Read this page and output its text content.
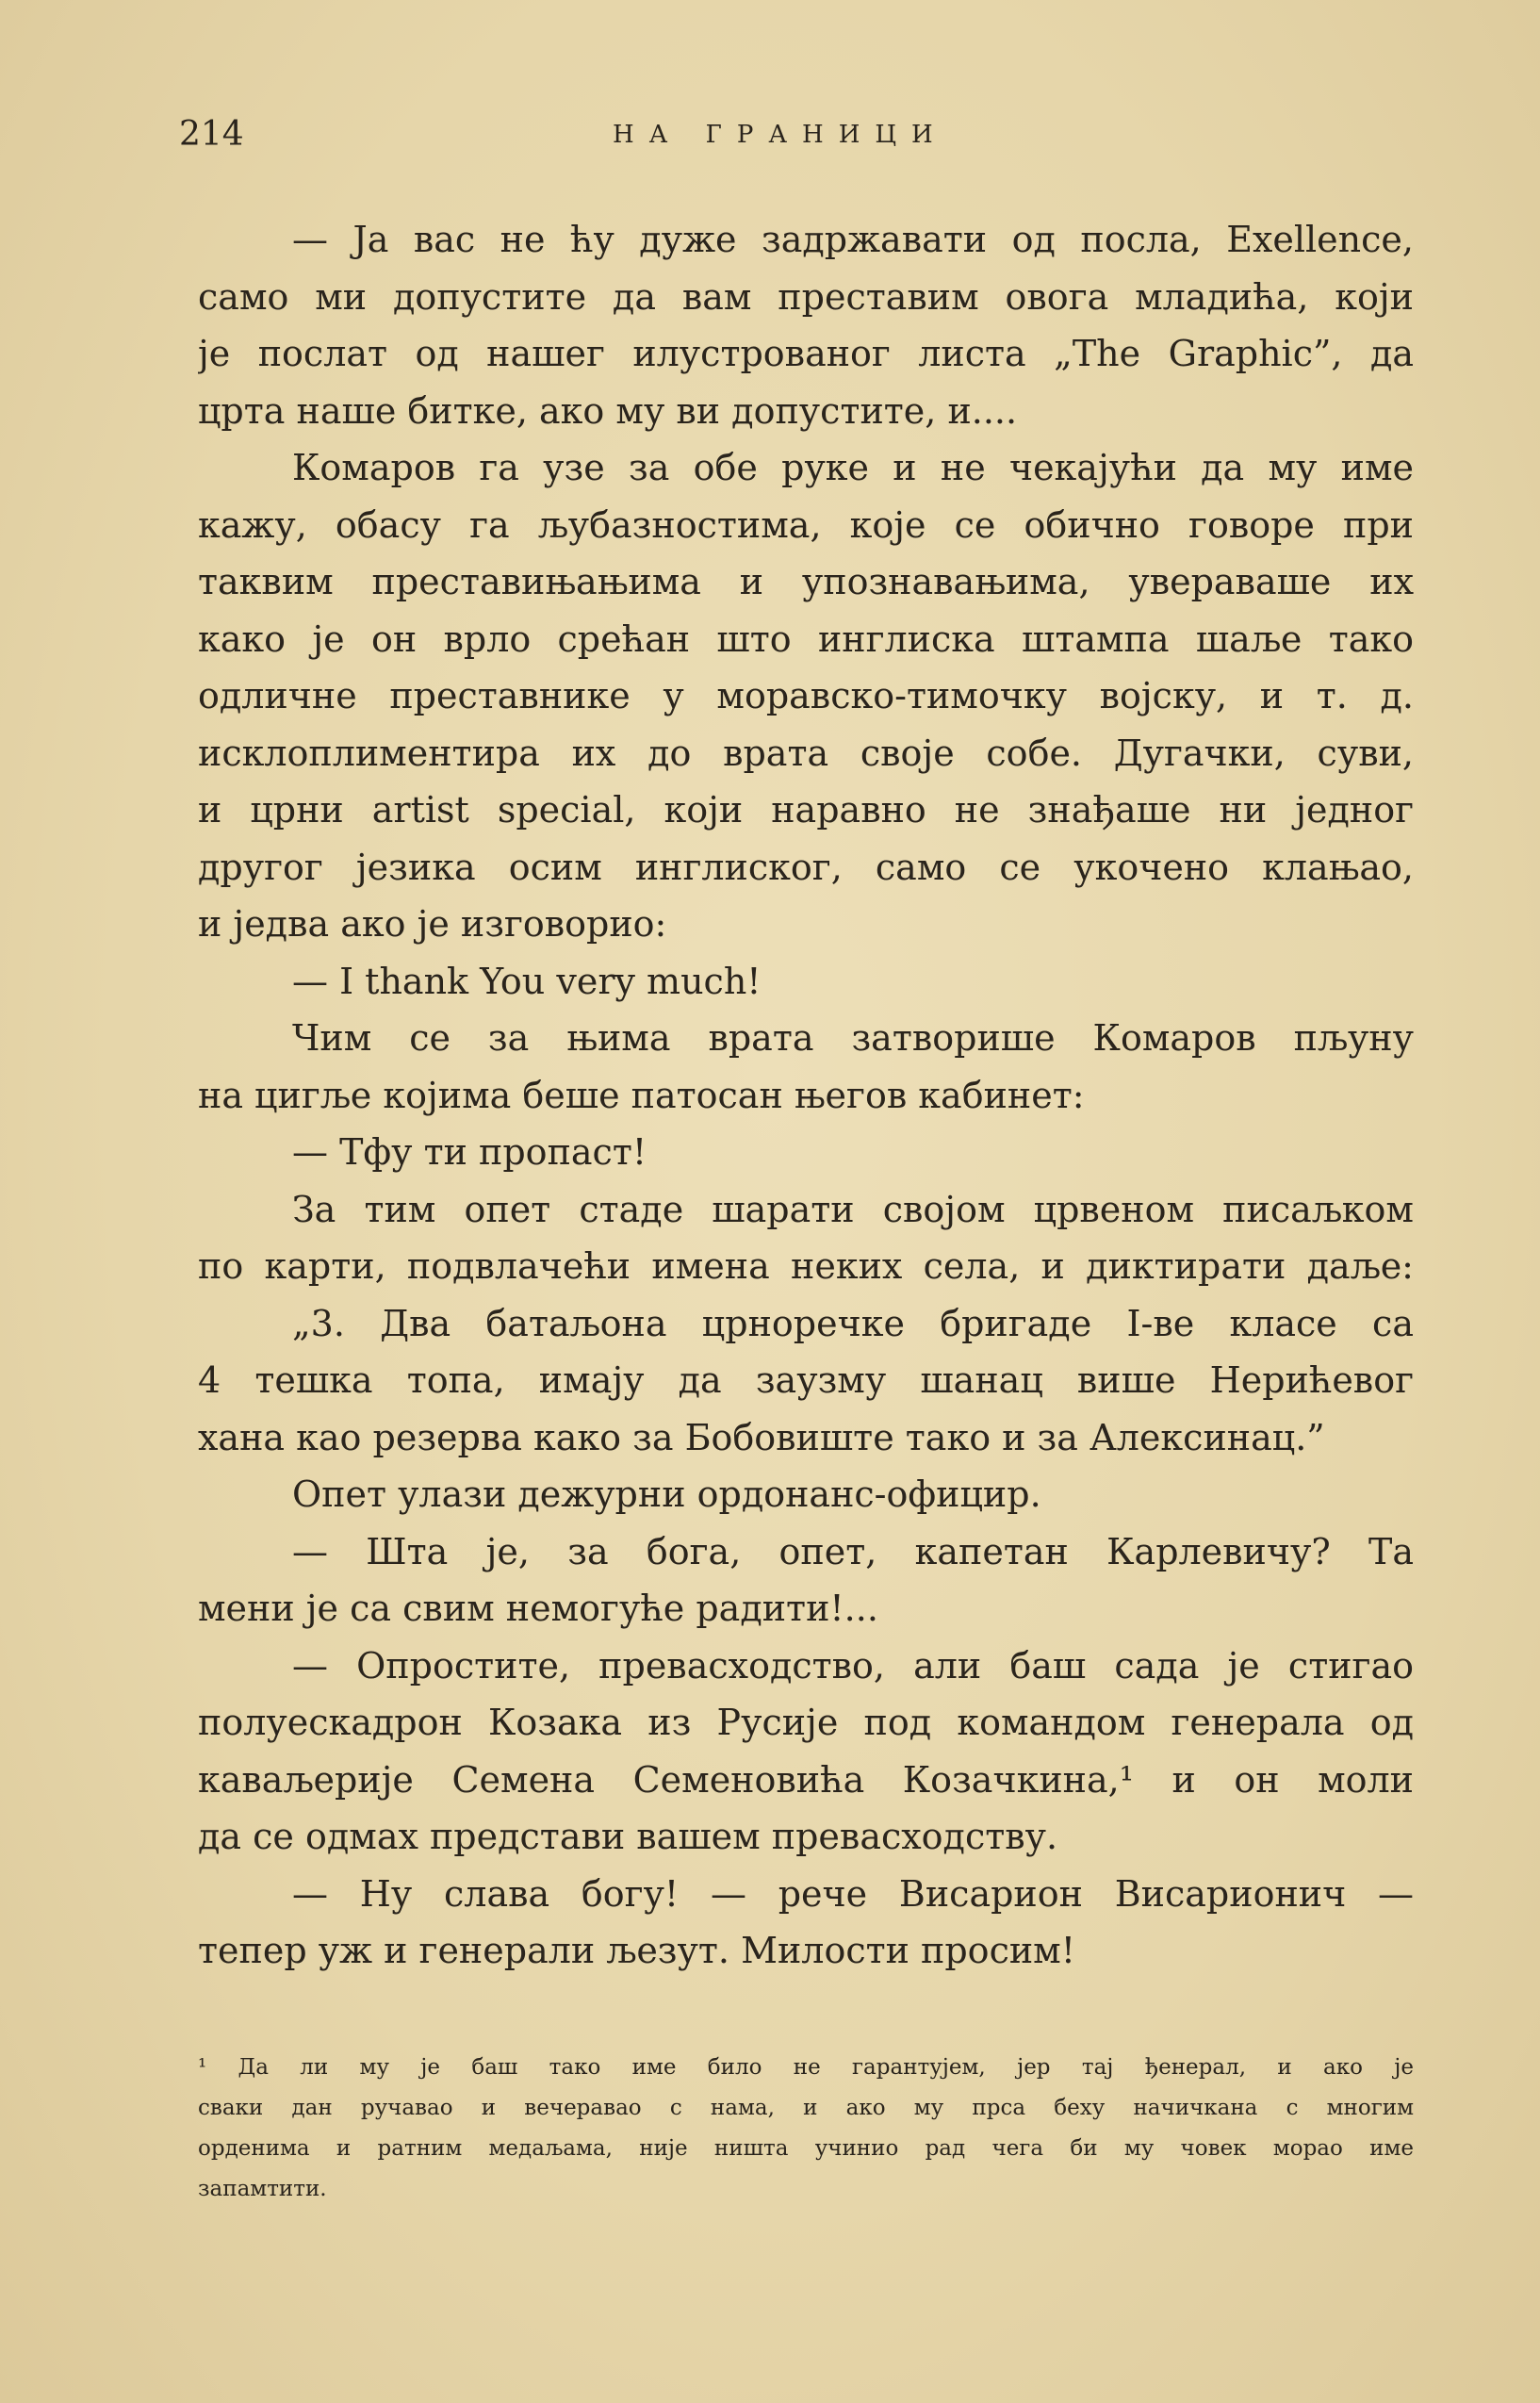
214	НА ГРАНИЦИ
— Ја вас не ћу дуже задржавати од посла, Exellence,
само ми допустите да вам преставим овога младића, који
је послат од нашег илустрованог листа „The Graphic”, да
црта наше битке, ако му ви допустите, и....
Комаров га узе за обе руке и не чекајући да му име
кажу, обасу га љубазностима, које се обично говоре при
таквим преставињањима и упознавањима, увераваше их
како је он врло срећан што инглиска штампа шаље тако
одличне преставнике у моравско-тимочку војску, и т. д.
исклоплиментира их до врата своје собе. Дугачки, суви,
и црни artist special, који наравно не знађаше ни једног
другог језика осим инглиског, само се укочено клањао,
и једва ако је изговорио:
— I thank You very much!
Чим се за њима врата затворише Комаров пљуну
на цигље којима беше патосан његов кабинет:
— Тфу ти пропаст!
За тим опет стаде шарати својом црвеном писаљком
по карти, подвлачећи имена неких села, и диктирати даље:
„3. Два батаљона црноречке бригаде I-ве класе са
4 тешка топа, имају да заузму шанац више Нерићевог
хана као резерва како за Бобовиште тако и за Алексинац.”
Опет улази дежурни ордонанс-официр.
— Шта је, за бога, опет, капетан Карлевичу? Та
мени је са свим немогуће радити!...
— Опростите, превасходство, али баш сада је стигао
полуескадрон Козака из Русије под командом генерала од
каваљерије Семена Семеновића Козачкина,¹ и он моли
да се одмах представи вашем превасходству.
— Ну слава богу! — рече Висарион Висарионич —
тепер уж и генерали љезут. Милости просим!
¹ Да ли му је баш тако име било не гарантујем, јер тај ђенерал, и ако је
сваки дан ручавао и вечеравао с нама, и ако му прса беху начичкана с многим
орденима и ратним медаљама, није ништа учинио рад чега би му човек морао име
запамтити.
